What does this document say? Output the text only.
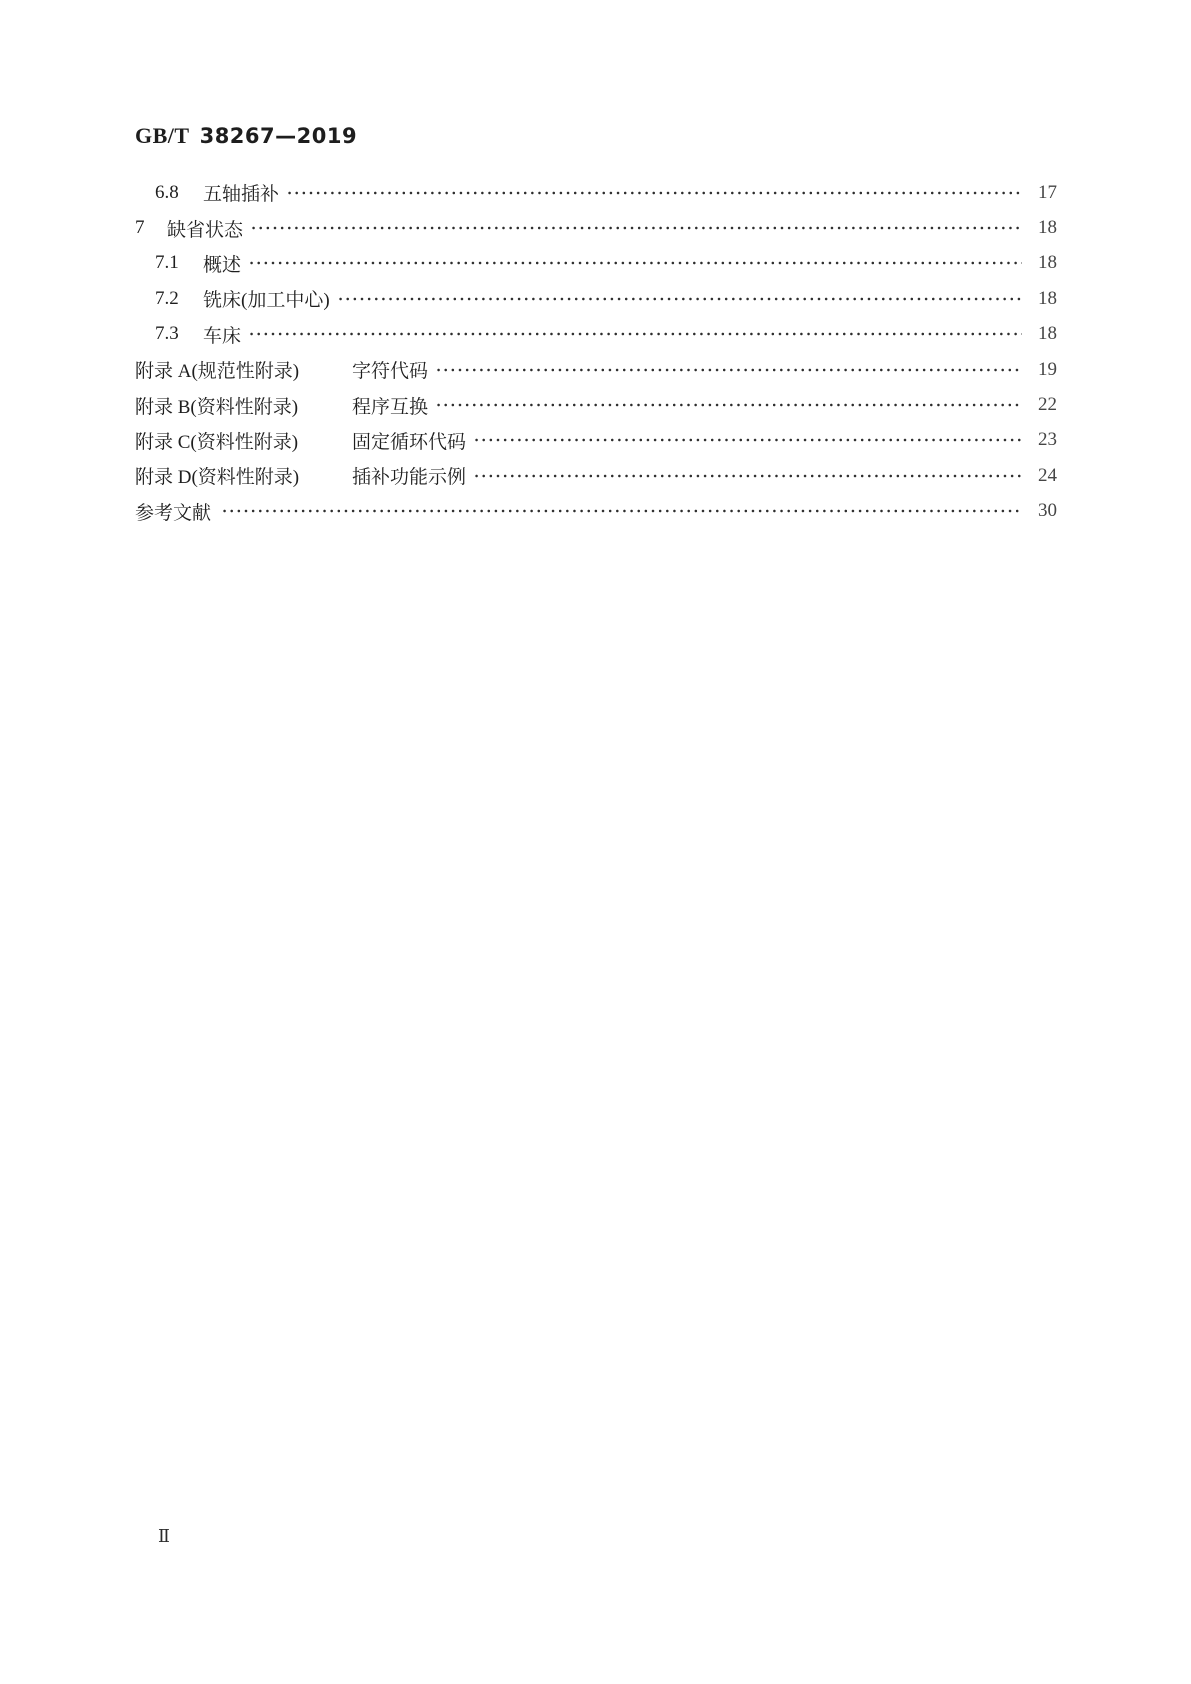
GB/T 38267—2019
6.8	五轴插补	17
7	缺省状态	18
7.1	概述	18
7.2	铣床(加工中心)	18
7.3	车床	18
附录 A(规范性附录)	字符代码	19
附录 B(资料性附录)	程序互换	22
附录 C(资料性附录)	固定循环代码	23
附录 D(资料性附录)	插补功能示例	24
参考文献	30
Ⅱ
